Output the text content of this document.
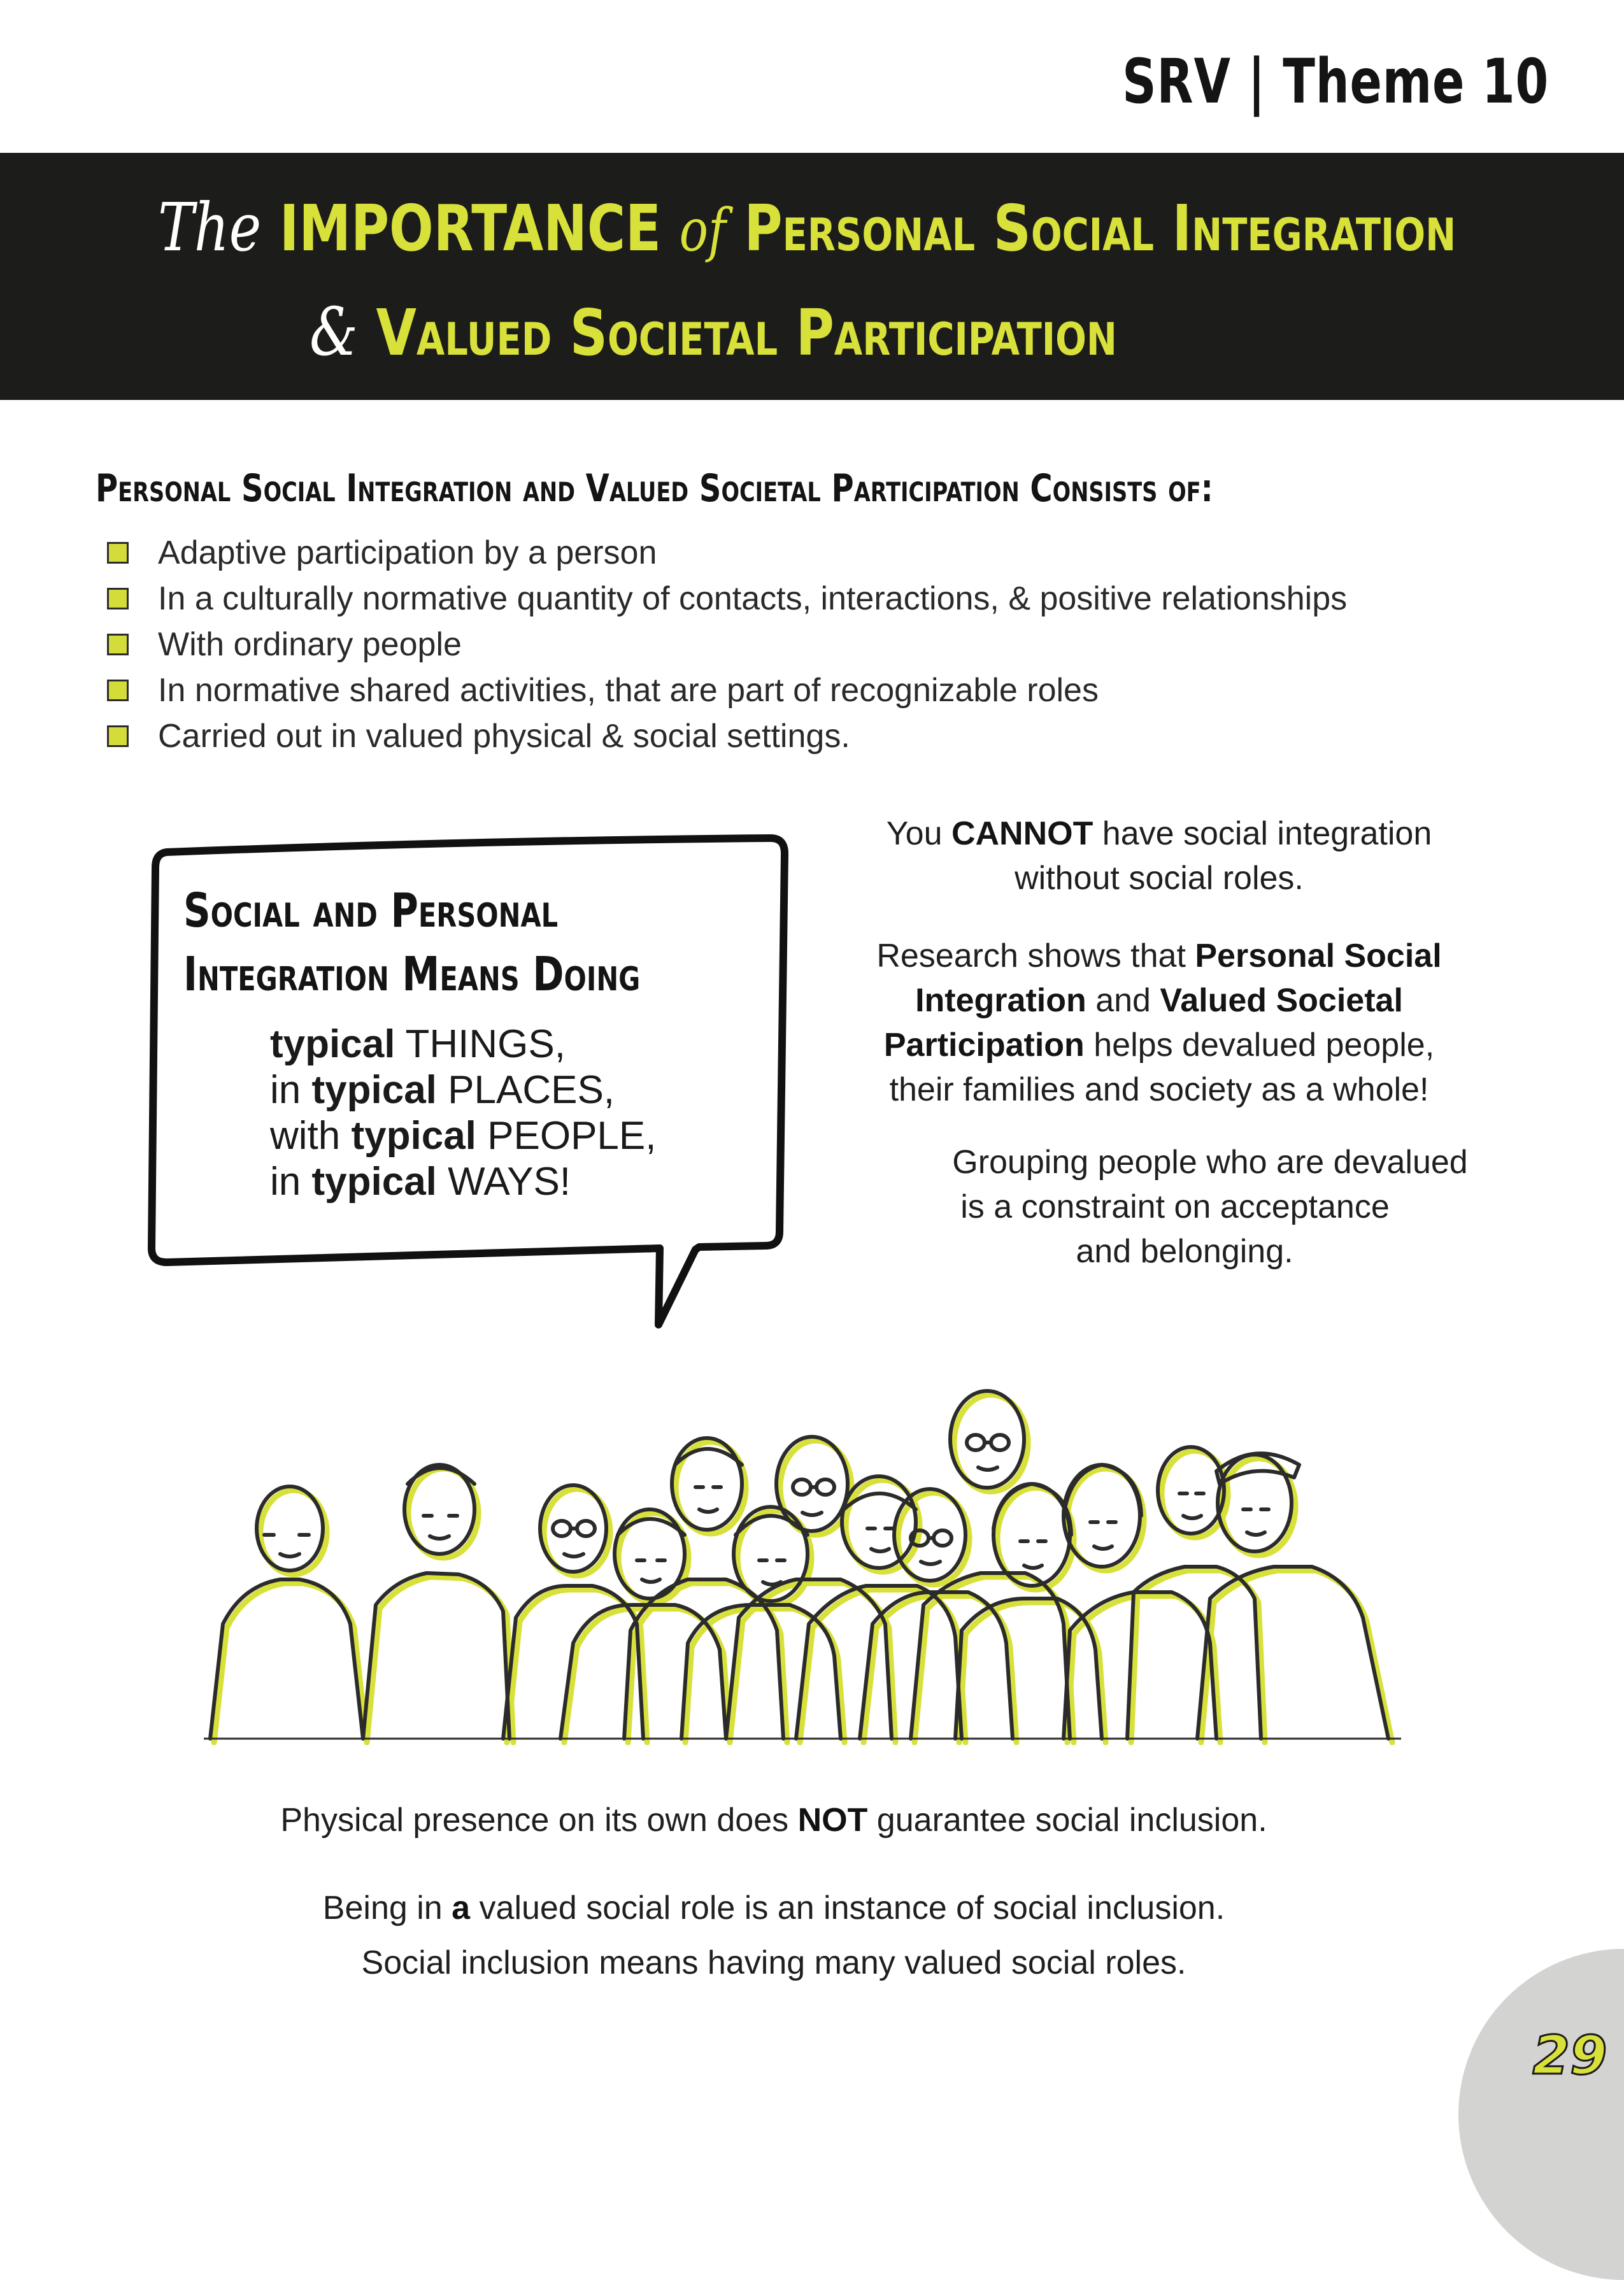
SRV | Theme 10
The IMPORTANCE of Personal Social Integration
& Valued Societal Participation
Personal Social Integration and Valued Societal Participation Consists of:
Adaptive participation by a person
In a culturally normative quantity of contacts, interactions, & positive relationships
With ordinary people
In normative shared activities, that are part of recognizable roles
Carried out in valued physical & social settings.
Social and Personal
Integration Means Doing
typical THINGS,
in typical PLACES,
with typical PEOPLE,
in typical WAYS!
You CANNOT have social integration
without social roles.
Research shows that Personal Social
Integration and Valued Societal
Participation helps devalued people,
their families and society as a whole!
Grouping people who are devalued
is a constraint on acceptance
and belonging.
Physical presence on its own does NOT guarantee social inclusion.
Being in a valued social role is an instance of social inclusion.
Social inclusion means having many valued social roles.
29
